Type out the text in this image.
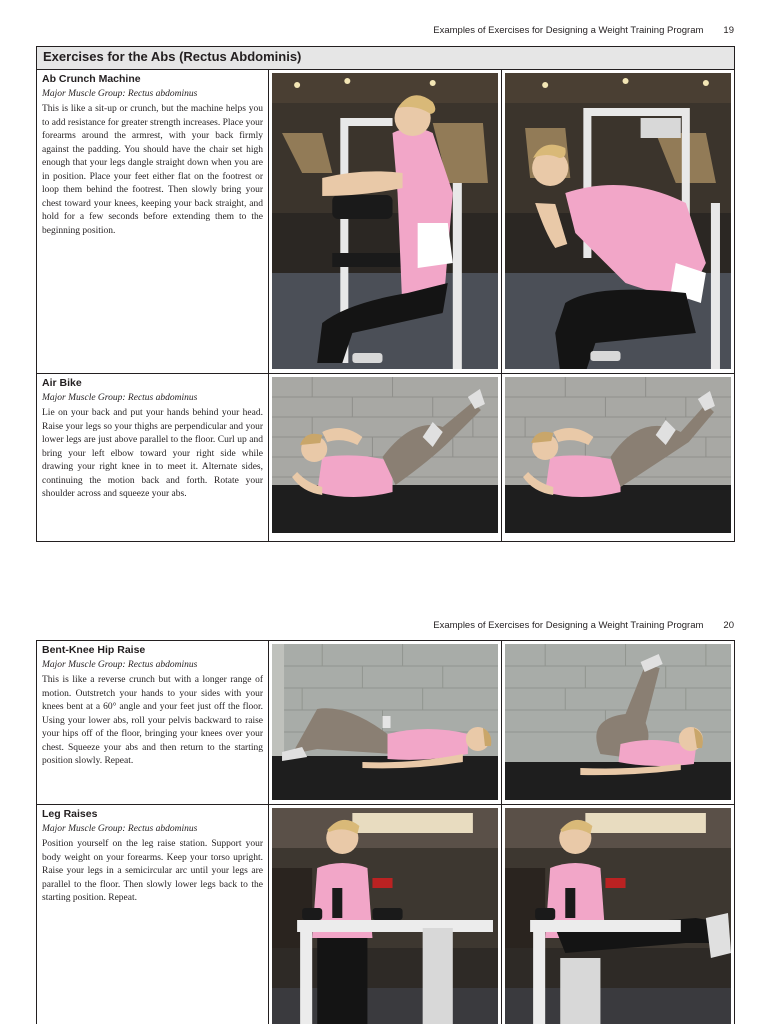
Examples of Exercises for Designing a Weight Training Program 19
Exercises for the Abs (Rectus Abdominis)		

Ab Crunch Machine
Major Muscle Group: Rectus abdominus
This is like a sit-up or crunch, but the machine helps you to add resistance for greater strength increases. Place your forearms around the armrest, with your back firmly against the padding. You should have the chair set high enough that your legs dangle straight down when you are in position. Place your feet either flat on the footrest or loop them behind the footrest. Then slowly bring your chest toward your knees, keeping your back straight, and hold for a few seconds before extending them to the beginning position.

Air Bike
Major Muscle Group: Rectus abdominus
Lie on your back and put your hands behind your head. Raise your legs so your thighs are perpendicular and your lower legs are just above parallel to the floor. Curl up and bring your left elbow toward your right side while drawing your right knee in to meet it. Alternate sides, continuing the motion back and forth. Rotate your shoulder across and squeeze your abs.

Examples of Exercises for Designing a Weight Training Program 20
Bent-Knee Hip Raise
Major Muscle Group: Rectus abdominus
This is like a reverse crunch but with a longer range of motion. Outstretch your hands to your sides with your knees bent at a 60° angle and your feet just off the floor. Using your lower abs, roll your pelvis backward to raise your hips off of the floor, bringing your knees over your chest. Squeeze your abs and then return to the starting position slowly. Repeat.

Leg Raises
Major Muscle Group: Rectus abdominus
Position yourself on the leg raise station. Support your body weight on your forearms. Keep your torso upright. Raise your legs in a semicircular arc until your legs are parallel to the floor. Then slowly lower legs back to the starting position. Repeat.
